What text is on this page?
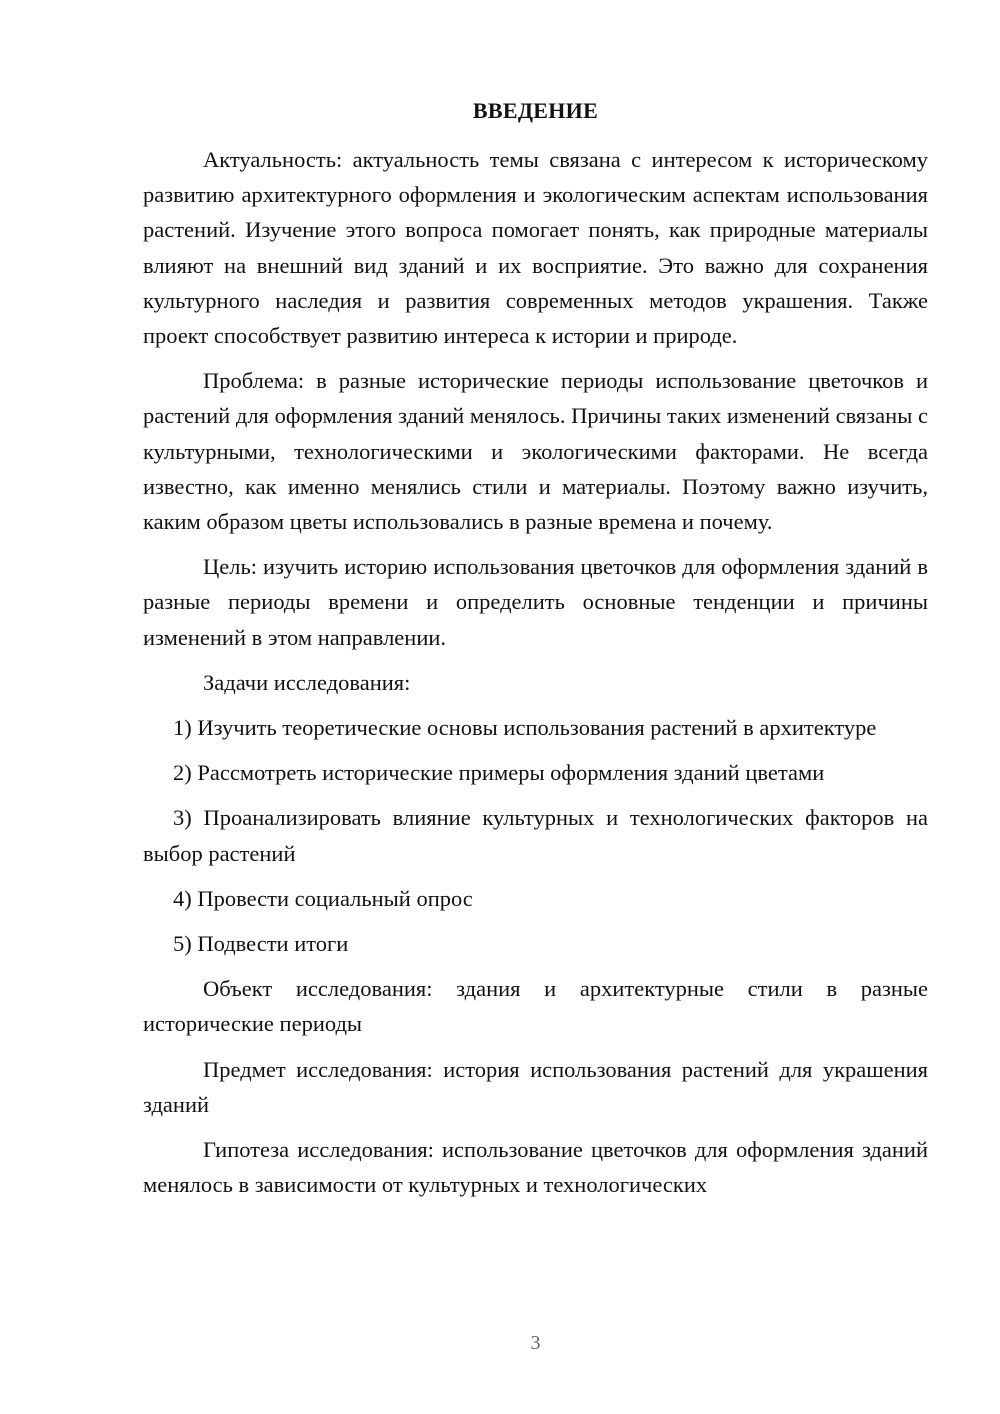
ВВЕДЕНИЕ

Актуальность: актуальность темы связана с интересом к историческому развитию архитектурного оформления и экологическим аспектам использования растений. Изучение этого вопроса помогает понять, как природные материалы влияют на внешний вид зданий и их восприятие. Это важно для сохранения культурного наследия и развития современных методов украшения. Также проект способствует развитию интереса к истории и природе.

Проблема: в разные исторические периоды использование цветочков и растений для оформления зданий менялось. Причины таких изменений связаны с культурными, технологическими и экологическими факторами. Не всегда известно, как именно менялись стили и материалы. Поэтому важно изучить, каким образом цветы использовались в разные времена и почему.

Цель: изучить историю использования цветочков для оформления зданий в разные периоды времени и определить основные тенденции и причины изменений в этом направлении.

Задачи исследования:

1) Изучить теоретические основы использования растений в архитектуре

2) Рассмотреть исторические примеры оформления зданий цветами

3) Проанализировать влияние культурных и технологических факторов на выбор растений

4) Провести социальный опрос

5) Подвести итоги

Объект исследования: здания и архитектурные стили в разные исторические периоды

Предмет исследования: история использования растений для украшения зданий

Гипотеза исследования: использование цветочков для оформления зданий менялось в зависимости от культурных и технологических

3
